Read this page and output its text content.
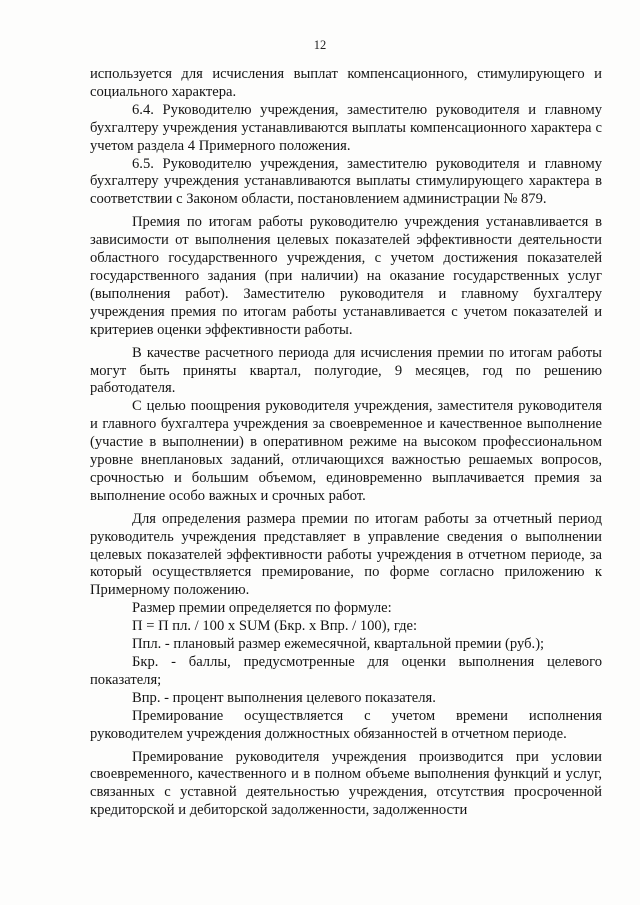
12

используется для исчисления выплат компенсационного, стимулирующего и социального характера.

6.4. Руководителю учреждения, заместителю руководителя и главному бухгалтеру учреждения устанавливаются выплаты компенсационного характера с учетом раздела 4 Примерного положения.

6.5. Руководителю учреждения, заместителю руководителя и главному бухгалтеру учреждения устанавливаются выплаты стимулирующего характера в соответствии с Законом области, постановлением администрации № 879.

Премия по итогам работы руководителю учреждения устанавливается в зависимости от выполнения целевых показателей эффективности деятельности областного государственного учреждения, с учетом достижения показателей государственного задания (при наличии) на оказание государственных услуг (выполнения работ). Заместителю руководителя и главному бухгалтеру учреждения премия по итогам работы устанавливается с учетом показателей и критериев оценки эффективности работы.

В качестве расчетного периода для исчисления премии по итогам работы могут быть приняты квартал, полугодие, 9 месяцев, год по решению работодателя.

С целью поощрения руководителя учреждения, заместителя руководителя и главного бухгалтера учреждения за своевременное и качественное выполнение (участие в выполнении) в оперативном режиме на высоком профессиональном уровне внеплановых заданий, отличающихся важностью решаемых вопросов, срочностью и большим объемом, единовременно выплачивается премия за выполнение особо важных и срочных работ.

Для определения размера премии по итогам работы за отчетный период руководитель учреждения представляет в управление сведения о выполнении целевых показателей эффективности работы учреждения в отчетном периоде, за который осуществляется премирование, по форме согласно приложению к Примерному положению.

Размер премии определяется по формуле:

П = П пл. / 100 x SUM (Бкр. x Впр. / 100), где:

Ппл. - плановый размер ежемесячной, квартальной премии (руб.);

Бкр. - баллы, предусмотренные для оценки выполнения целевого показателя;

Впр. - процент выполнения целевого показателя.

Премирование осуществляется с учетом времени исполнения руководителем учреждения должностных обязанностей в отчетном периоде.

Премирование руководителя учреждения производится при условии своевременного, качественного и в полном объеме выполнения функций и услуг, связанных с уставной деятельностью учреждения, отсутствия просроченной кредиторской и дебиторской задолженности, задолженности
